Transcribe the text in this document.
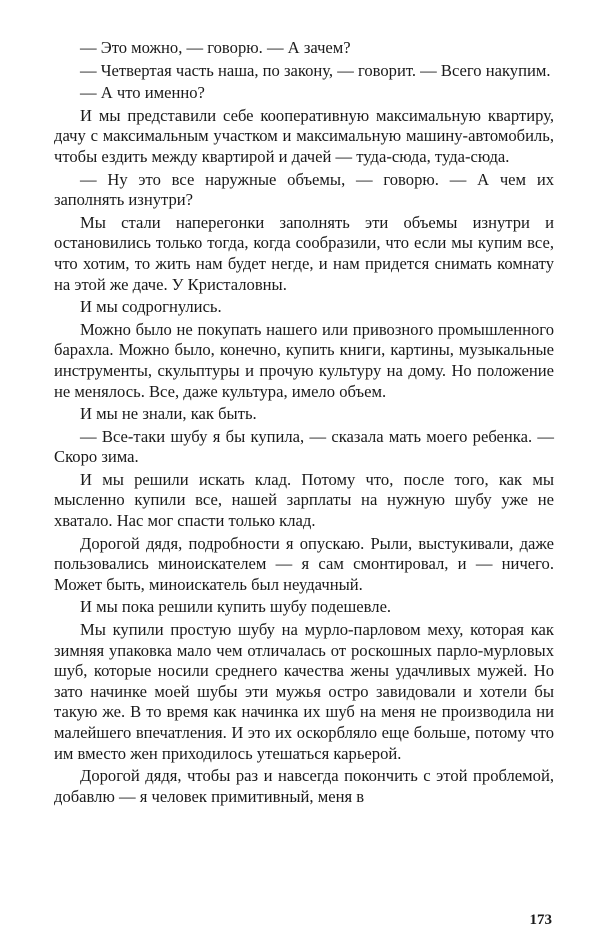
— Это можно, — говорю. — А зачем?

— Четвертая часть наша, по закону, — говорит. — Всего накупим.

— А что именно?

И мы представили себе кооперативную максимальную квартиру, дачу с максимальным участком и максимальную машину-автомобиль, чтобы ездить между квартирой и дачей — туда-сюда, туда-сюда.

— Ну это все наружные объемы, — говорю. — А чем их заполнять изнутри?

Мы стали наперегонки заполнять эти объемы изнутри и остановились только тогда, когда сообразили, что если мы купим все, что хотим, то жить нам будет негде, и нам придется снимать комнату на этой же даче. У Кристаловны.

И мы содрогнулись.

Можно было не покупать нашего или привозного промышленного барахла. Можно было, конечно, купить книги, картины, музыкальные инструменты, скульптуры и прочую культуру на дому. Но положение не менялось. Все, даже культура, имело объем.

И мы не знали, как быть.

— Все-таки шубу я бы купила, — сказала мать моего ребенка. — Скоро зима.

И мы решили искать клад. Потому что, после того, как мы мысленно купили все, нашей зарплаты на нужную шубу уже не хватало. Нас мог спасти только клад.

Дорогой дядя, подробности я опускаю. Рыли, выстукивали, даже пользовались миноискателем — я сам смонтировал, и — ничего. Может быть, миноискатель был неудачный.

И мы пока решили купить шубу подешевле.

Мы купили простую шубу на мурло-парловом меху, которая как зимняя упаковка мало чем отличалась от роскошных парло-мурловых шуб, которые носили среднего качества жены удачливых мужей. Но зато начинке моей шубы эти мужья остро завидовали и хотели бы такую же. В то время как начинка их шуб на меня не производила ни малейшего впечатления. И это их оскорбляло еще больше, потому что им вместо жен приходилось утешаться карьерой.

Дорогой дядя, чтобы раз и навсегда покончить с этой проблемой, добавлю — я человек примитивный, меня в

173
